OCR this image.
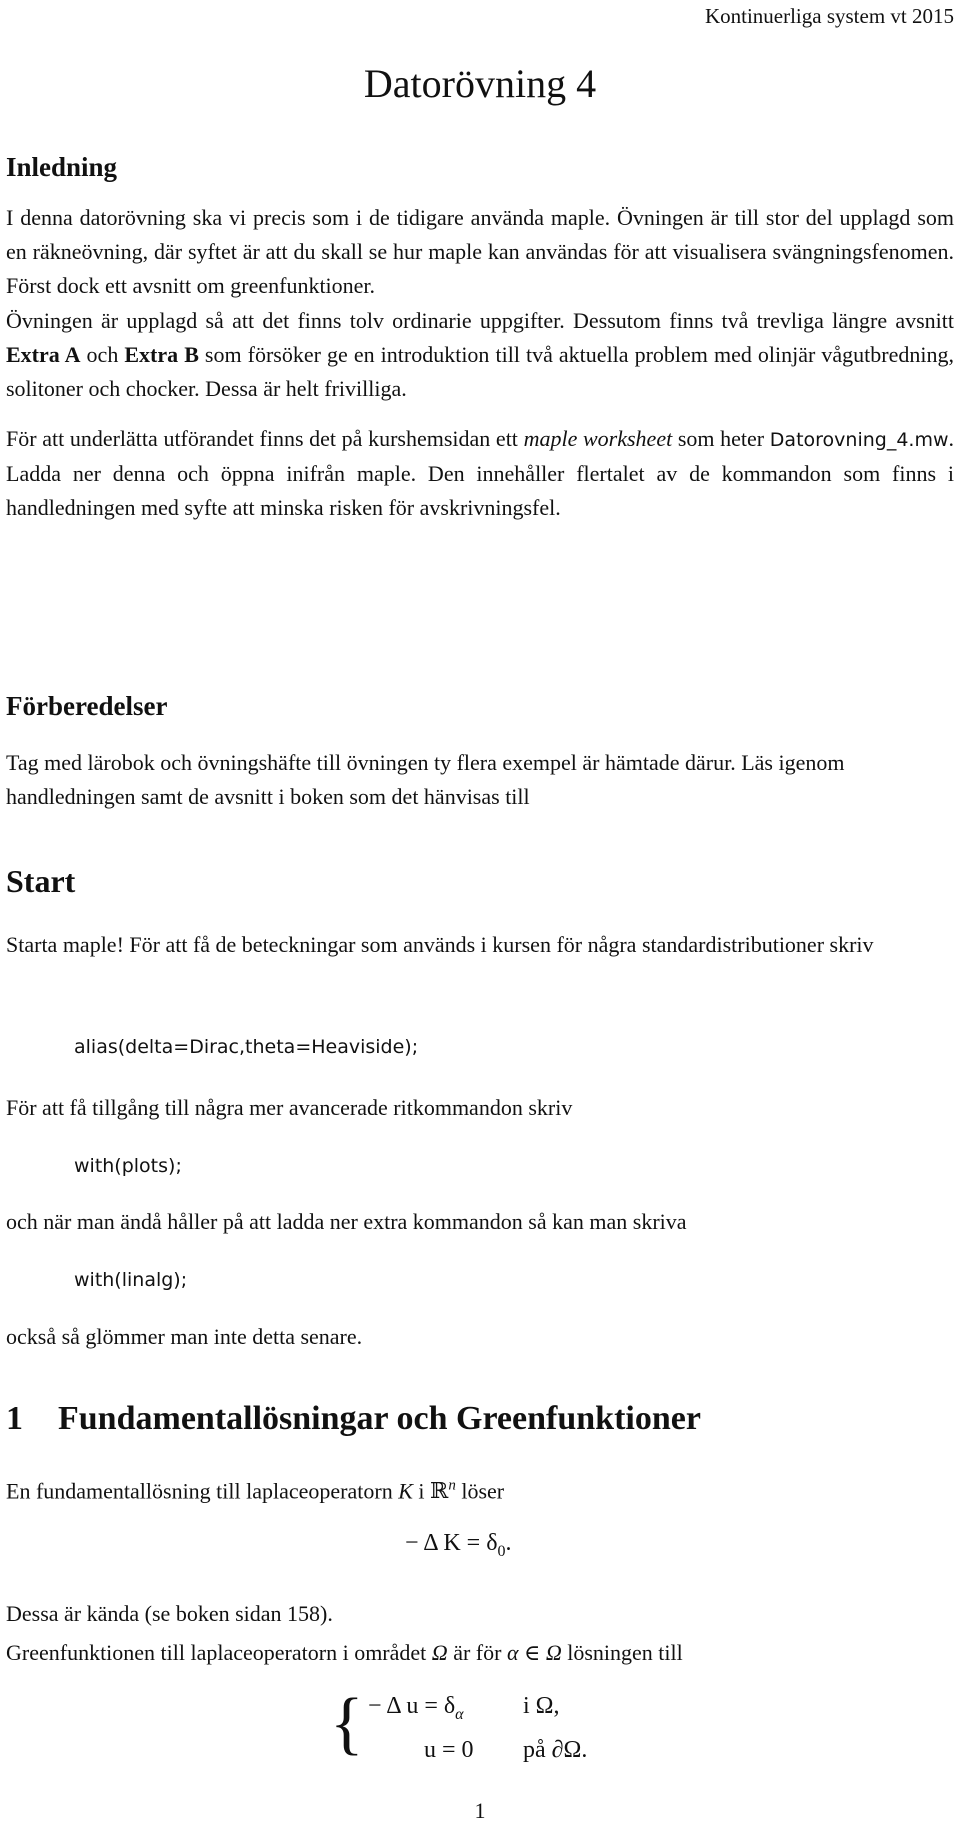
Kontinuerliga system vt 2015
Datorövning 4
Inledning

I denna datorövning ska vi precis som i de tidigare använda maple. Övningen är till stor del upplagd som en räkneövning, där syftet är att du skall se hur maple kan användas för att visualisera svängningsfenomen. Först dock ett avsnitt om greenfunktioner.

Övningen är upplagd så att det finns tolv ordinarie uppgifter. Dessutom finns två trevliga längre avsnitt Extra A och Extra B som försöker ge en introduktion till två aktuella problem med olinjär vågutbredning, solitoner och chocker. Dessa är helt frivilliga.

För att underlätta utförandet finns det på kurshemsidan ett maple worksheet som heter Datorovning_4.mw. Ladda ner denna och öppna inifrån maple. Den innehåller flertalet av de kommandon som finns i handledningen med syfte att minska risken för avskrivningsfel.

Förberedelser

Tag med lärobok och övningshäfte till övningen ty flera exempel är hämtade därur. Läs igenom handledningen samt de avsnitt i boken som det hänvisas till

Start

Starta maple! För att få de beteckningar som används i kursen för några standardistributioner skriv

alias(delta=Dirac,theta=Heaviside);
För att få tillgång till några mer avancerade ritkommandon skriv
with(plots);
och när man ändå håller på att ladda ner extra kommandon så kan man skriva
with(linalg);
också så glömmer man inte detta senare.
1 Fundamentallösningar och Greenfunktioner
En fundamentallösning till laplaceoperatorn K i ℝ$^n$ löser
− Δ $K = \delta_0$.
Dessa är kända (se boken sidan 158).
Greenfunktionen till laplaceoperatorn i området Ω är för α ∈ Ω lösningen till
{ − Δ $u = \delta_\alpha$ i Ω,
u = 0 på ∂Ω.
1
